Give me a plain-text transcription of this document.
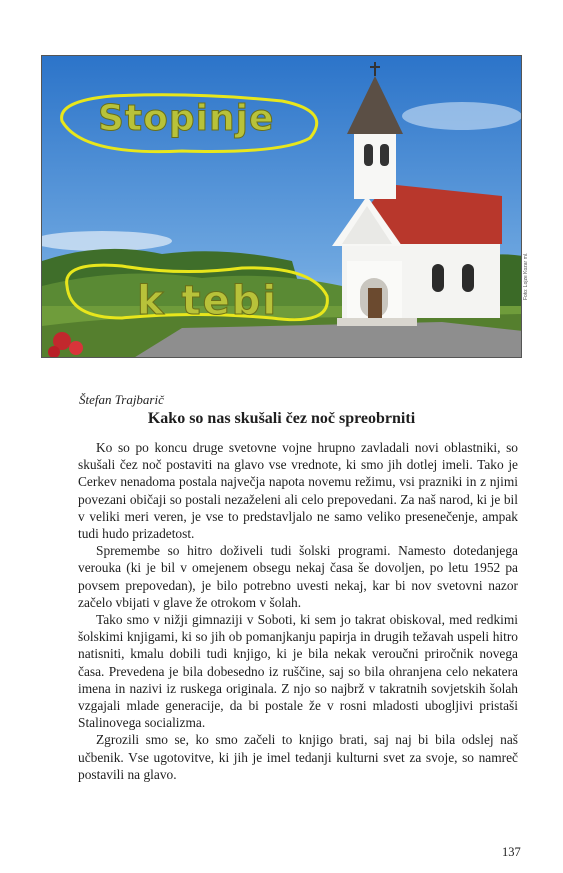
Stopinje
k tebi
Foto: Lojze Kozar ml.
Štefan Trajbarič
Kako so nas skušali čez noč spreobrniti

Ko so po koncu druge svetovne vojne hrupno zavladali novi oblastniki, so skušali čez noč postaviti na glavo vse vrednote, ki smo jih dotlej imeli. Tako je Cerkev nenadoma postala največja napota novemu režimu, vsi prazniki in z njimi povezani običaji so postali nezaželeni ali celo prepovedani. Za naš narod, ki je bil v veliki meri veren, je vse to predstavljalo ne samo veliko presenečenje, ampak tudi hudo prizadetost.

Spremembe so hitro doživeli tudi šolski programi. Namesto dotedanjega verouka (ki je bil v omejenem obsegu nekaj časa še dovoljen, po letu 1952 pa povsem prepovedan), je bilo potrebno uvesti nekaj, kar bi nov svetovni nazor začelo vbijati v glave že otrokom v šolah.

Tako smo v nižji gimnaziji v Soboti, ki sem jo takrat obiskoval, med redkimi šolskimi knjigami, ki so jih ob pomanjkanju papirja in drugih težavah uspeli hitro natisniti, kmalu dobili tudi knjigo, ki je bila nekak veroučni priročnik novega časa. Prevedena je bila dobesedno iz ruščine, saj so bila ohranjena celo nekatera imena in nazivi iz ruskega originala. Z njo so najbrž v takratnih sovjetskih šolah vzgajali mlade generacije, da bi postale že v rosni mladosti ubogljivi pristaši Stalinovega socializma.

Zgrozili smo se, ko smo začeli to knjigo brati, saj naj bi bila odslej naš učbenik. Vse ugotovitve, ki jih je imel tedanji kulturni svet za svoje, so namreč postavili na glavo.

137
